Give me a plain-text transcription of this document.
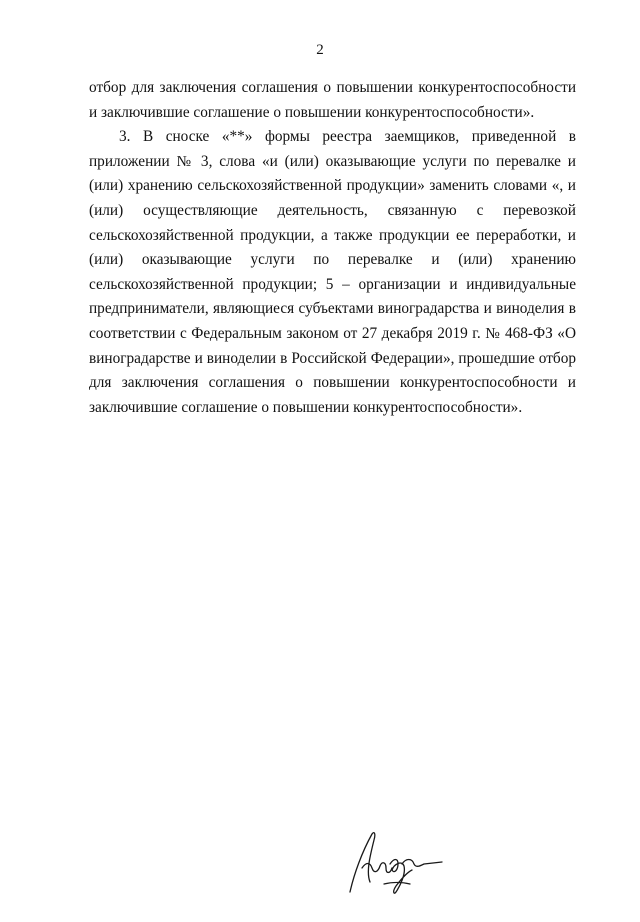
2

отбор для заключения соглашения о повышении конкурентоспособности и заключившие соглашение о повышении конкурентоспособности».

3. В сноске «**» формы реестра заемщиков, приведенной в приложении № 3, слова «и (или) оказывающие услуги по перевалке и (или) хранению сельскохозяйственной продукции» заменить словами «, и (или) осуществляющие деятельность, связанную с перевозкой сельскохозяйственной продукции, а также продукции ее переработки, и (или) оказывающие услуги по перевалке и (или) хранению сельскохозяйственной продукции; 5 – организации и индивидуальные предприниматели, являющиеся субъектами виноградарства и виноделия в соответствии с Федеральным законом от 27 декабря 2019 г. № 468-ФЗ «О виноградарстве и виноделии в Российской Федерации», прошедшие отбор для заключения соглашения о повышении конкурентоспособности и заключившие соглашение о повышении конкурентоспособности».
